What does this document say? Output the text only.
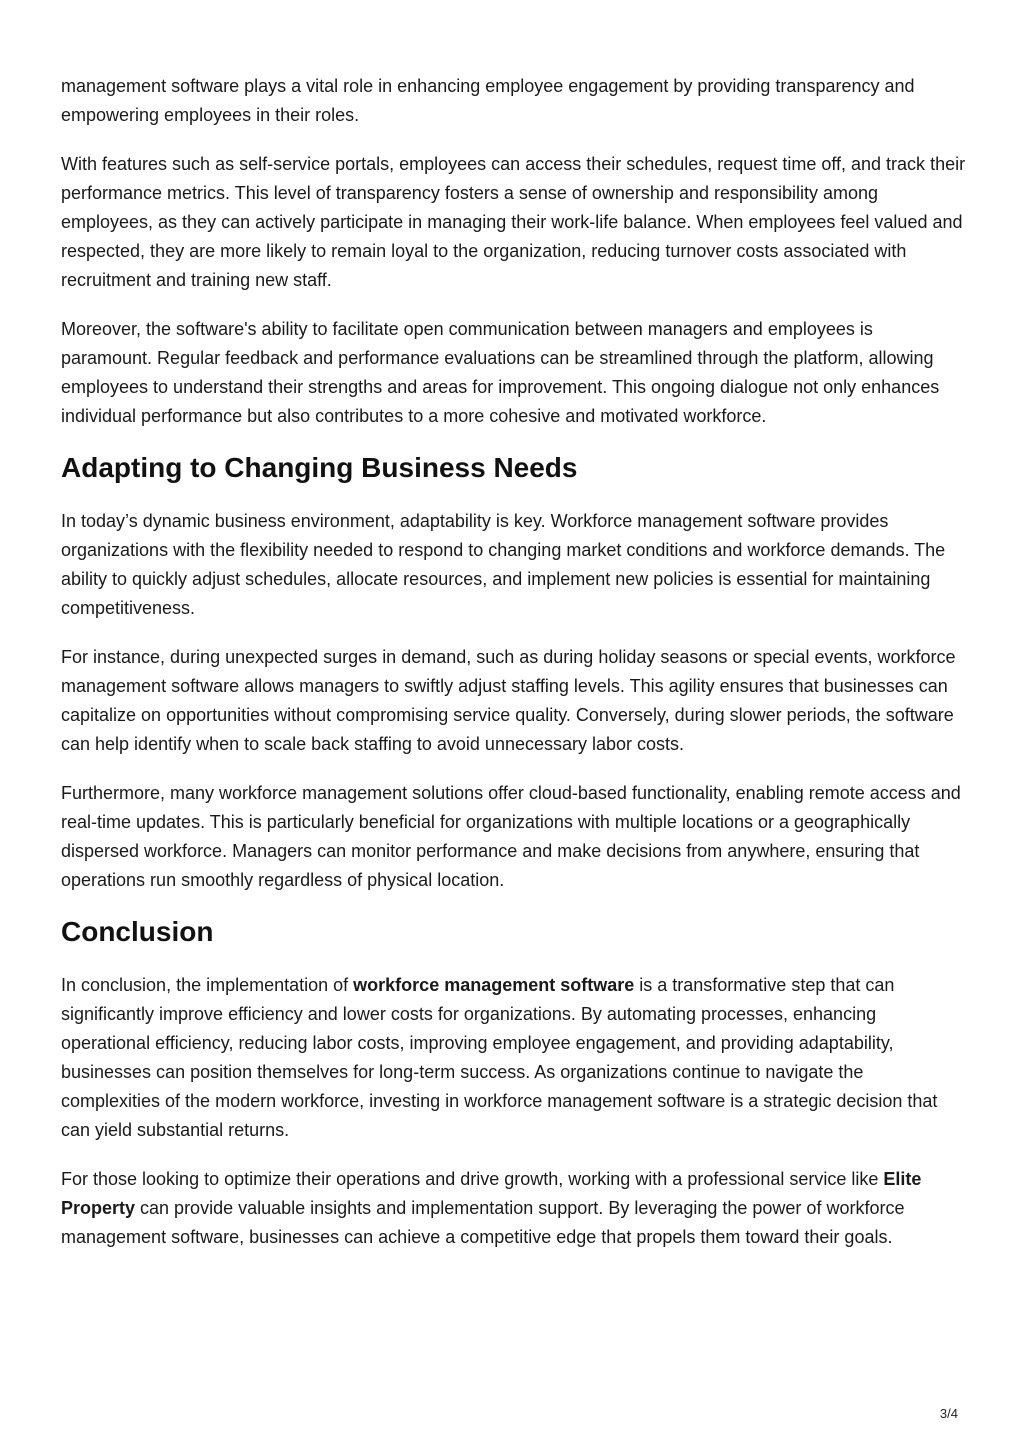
management software plays a vital role in enhancing employee engagement by providing transparency and empowering employees in their roles.

With features such as self-service portals, employees can access their schedules, request time off, and track their performance metrics. This level of transparency fosters a sense of ownership and responsibility among employees, as they can actively participate in managing their work-life balance. When employees feel valued and respected, they are more likely to remain loyal to the organization, reducing turnover costs associated with recruitment and training new staff.

Moreover, the software's ability to facilitate open communication between managers and employees is paramount. Regular feedback and performance evaluations can be streamlined through the platform, allowing employees to understand their strengths and areas for improvement. This ongoing dialogue not only enhances individual performance but also contributes to a more cohesive and motivated workforce.

Adapting to Changing Business Needs

In today’s dynamic business environment, adaptability is key. Workforce management software provides organizations with the flexibility needed to respond to changing market conditions and workforce demands. The ability to quickly adjust schedules, allocate resources, and implement new policies is essential for maintaining competitiveness.

For instance, during unexpected surges in demand, such as during holiday seasons or special events, workforce management software allows managers to swiftly adjust staffing levels. This agility ensures that businesses can capitalize on opportunities without compromising service quality. Conversely, during slower periods, the software can help identify when to scale back staffing to avoid unnecessary labor costs.

Furthermore, many workforce management solutions offer cloud-based functionality, enabling remote access and real-time updates. This is particularly beneficial for organizations with multiple locations or a geographically dispersed workforce. Managers can monitor performance and make decisions from anywhere, ensuring that operations run smoothly regardless of physical location.

Conclusion

In conclusion, the implementation of workforce management software is a transformative step that can significantly improve efficiency and lower costs for organizations. By automating processes, enhancing operational efficiency, reducing labor costs, improving employee engagement, and providing adaptability, businesses can position themselves for long-term success. As organizations continue to navigate the complexities of the modern workforce, investing in workforce management software is a strategic decision that can yield substantial returns.

For those looking to optimize their operations and drive growth, working with a professional service like Elite Property can provide valuable insights and implementation support. By leveraging the power of workforce management software, businesses can achieve a competitive edge that propels them toward their goals.

3/4
